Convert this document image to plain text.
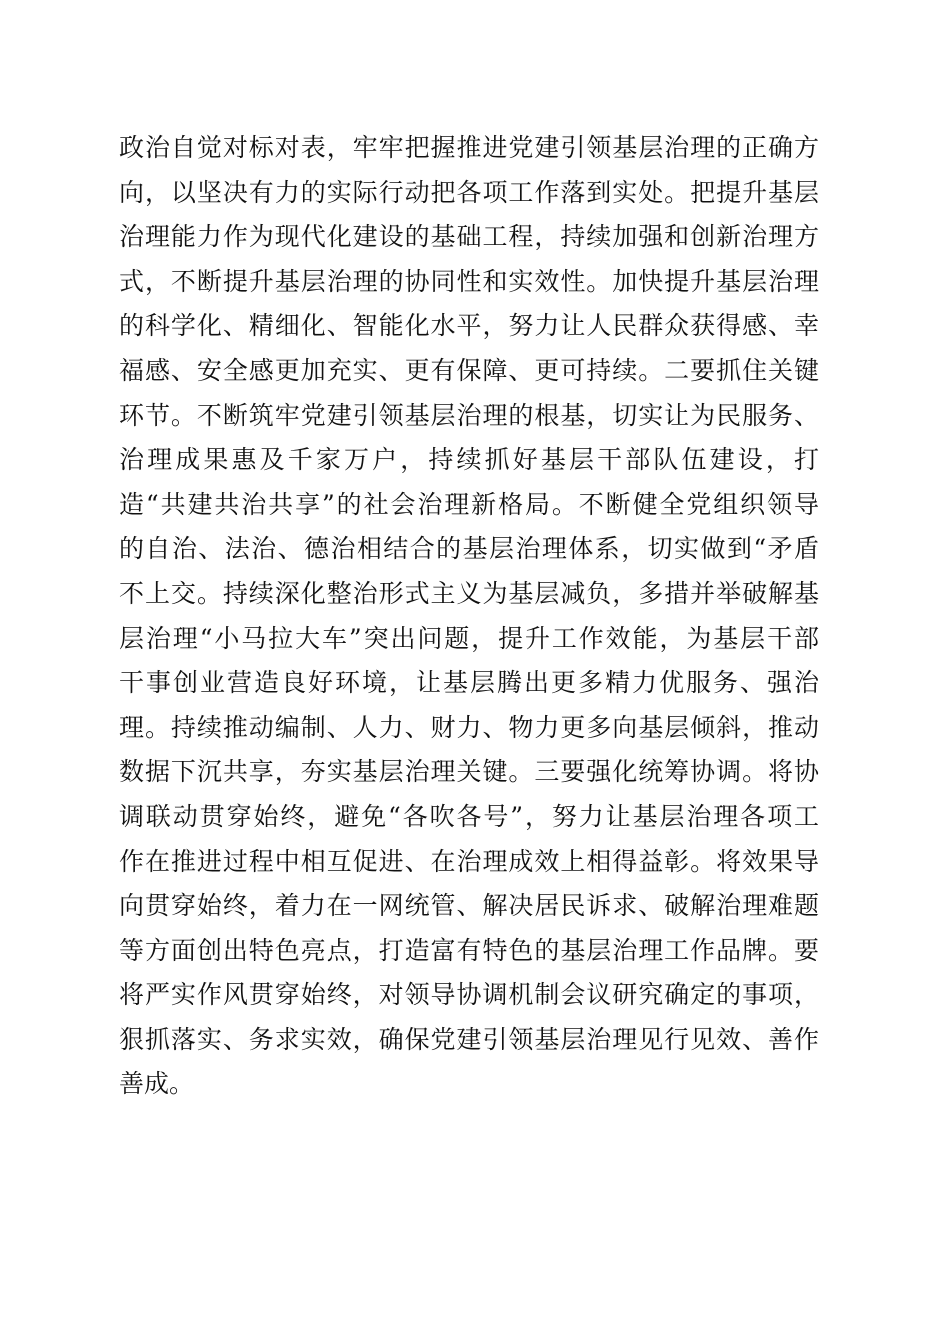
政治自觉对标对表，牢牢把握推进党建引领基层治理的正确方
向，以坚决有力的实际行动把各项工作落到实处。把提升基层
治理能力作为现代化建设的基础工程，持续加强和创新治理方
式，不断提升基层治理的协同性和实效性。加快提升基层治理
的科学化、精细化、智能化水平，努力让人民群众获得感、幸
福感、安全感更加充实、更有保障、更可持续。二要抓住关键
环节。不断筑牢党建引领基层治理的根基，切实让为民服务、
治理成果惠及千家万户，持续抓好基层干部队伍建设，打
造“共建共治共享”的社会治理新格局。不断健全党组织领导
的自治、法治、德治相结合的基层治理体系，切实做到“矛盾
不上交。持续深化整治形式主义为基层减负，多措并举破解基
层治理“小马拉大车”突出问题，提升工作效能，为基层干部
干事创业营造良好环境，让基层腾出更多精力优服务、强治
理。持续推动编制、人力、财力、物力更多向基层倾斜，推动
数据下沉共享，夯实基层治理关键。三要强化统筹协调。将协
调联动贯穿始终，避免“各吹各号”，努力让基层治理各项工
作在推进过程中相互促进、在治理成效上相得益彰。将效果导
向贯穿始终，着力在一网统管、解决居民诉求、破解治理难题
等方面创出特色亮点，打造富有特色的基层治理工作品牌。要
将严实作风贯穿始终，对领导协调机制会议研究确定的事项，
狠抓落实、务求实效，确保党建引领基层治理见行见效、善作
善成。
